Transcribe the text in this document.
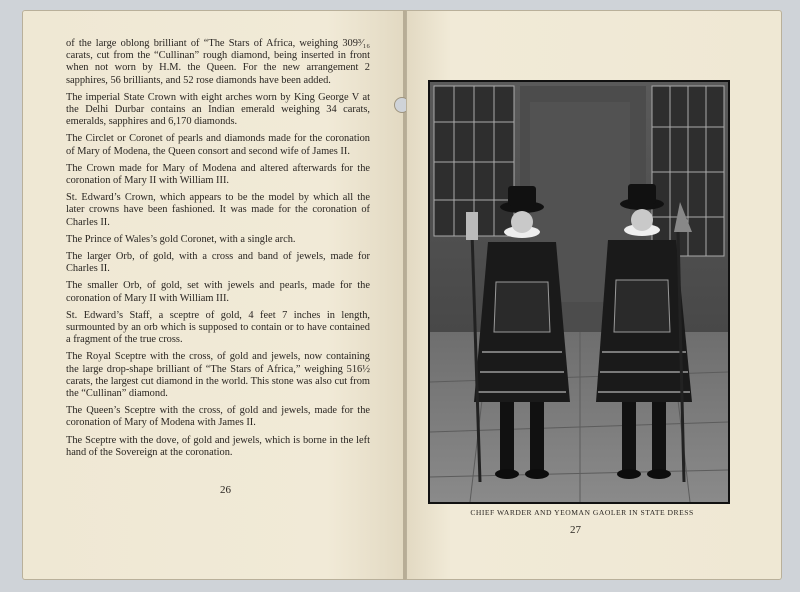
of the large oblong brilliant of “The Stars of Africa, weighing 309³⁄₁₆ carats, cut from the “Cullinan” rough diamond, being inserted in front when not worn by H.M. the Queen. For the new arrangement 2 sapphires, 56 brilliants, and 52 rose diamonds have been added.

The imperial State Crown with eight arches worn by King George V at the Delhi Durbar contains an Indian emerald weighing 34 carats, emeralds, sapphires and 6,170 diamonds.

The Circlet or Coronet of pearls and diamonds made for the coronation of Mary of Modena, the Queen consort and second wife of James II.

The Crown made for Mary of Modena and altered afterwards for the coronation of Mary II with William III.

St. Edward’s Crown, which appears to be the model by which all the later crowns have been fashioned. It was made for the coronation of Charles II.

The Prince of Wales’s gold Coronet, with a single arch.

The larger Orb, of gold, with a cross and band of jewels, made for Charles II.

The smaller Orb, of gold, set with jewels and pearls, made for the coronation of Mary II with William III.

St. Edward’s Staff, a sceptre of gold, 4 feet 7 inches in length, surmounted by an orb which is supposed to contain or to have contained a fragment of the true cross.

The Royal Sceptre with the cross, of gold and jewels, now containing the large drop-shape brilliant of “The Stars of Africa,” weighing 516½ carats, the largest cut diamond in the world. This stone was also cut from the “Cullinan” diamond.

The Queen’s Sceptre with the cross, of gold and jewels, made for the coronation of Mary of Modena with James II.

The Sceptre with the dove, of gold and jewels, which is borne in the left hand of the Sovereign at the coronation.

26
CHIEF WARDER AND YEOMAN GAOLER IN STATE DRESS
27
